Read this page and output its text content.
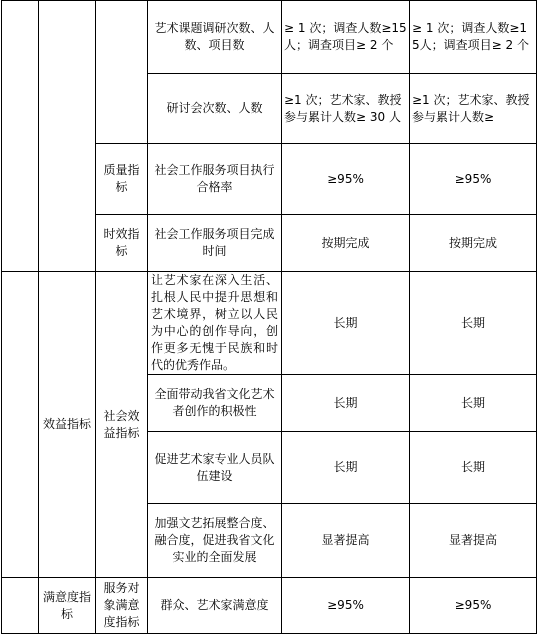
			艺术课题调研次数、人数、项目数	≥ 1 次；调查人数≥15人；调查项目≥ 2 个	≥ 1 次；调查人数≥15人；调查项目≥ 2 个
			研讨会次数、人数	≥1 次；艺术家、教授参与累计人数≥ 30 人	≥1 次；艺术家、教授参与累计人数≥
		质量指标	社会工作服务项目执行合格率	≥95%	≥95%
		时效指标	社会工作服务项目完成时间	按期完成	按期完成
	效益指标	社会效益指标	让艺术家在深入生活、扎根人民中提升思想和艺术境界，树立以人民为中心的创作导向，创作更多无愧于民族和时代的优秀作品。	长期	长期
			全面带动我省文化艺术者创作的积极性	长期	长期
			促进艺术家专业人员队伍建设	长期	长期
			加强文艺拓展整合度、融合度，促进我省文化实业的全面发展	显著提高	显著提高
	满意度指标	服务对象满意度指标	群众、艺术家满意度	≥95%	≥95%
